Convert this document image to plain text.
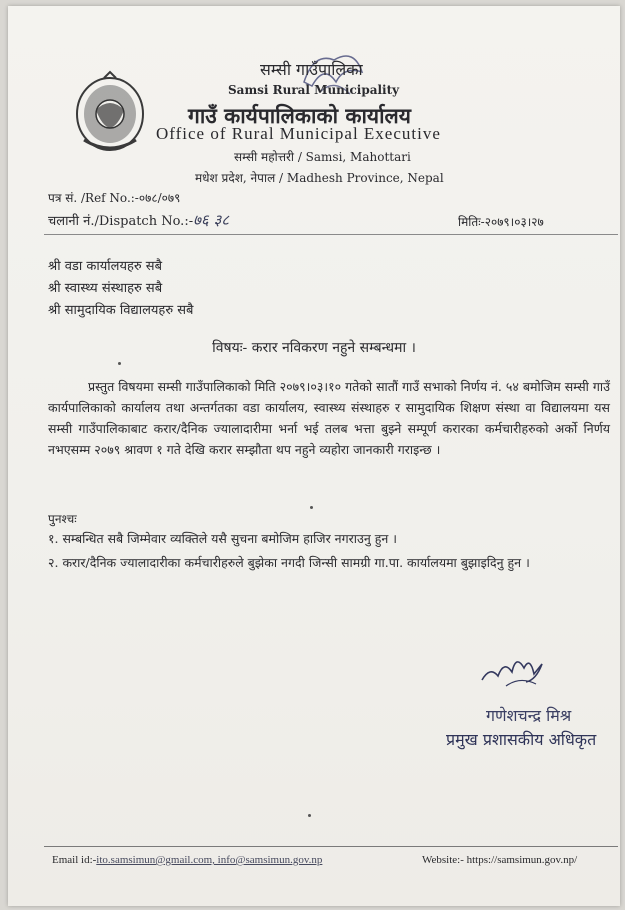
सम्सी गाउँपालिका
Samsi Rural Municipality
गाउँ कार्यपालिकाको कार्यालय
Office of Rural Municipal Executive
सम्सी महोत्तरी / Samsi, Mahottari
मधेश प्रदेश, नेपाल / Madhesh Province, Nepal
पत्र सं. /Ref No.:-०७८/०७९
चलानी नं./Dispatch No.:-७६ ३८	मितिः-२०७९।०३।२७
श्री वडा कार्यालयहरु सबै
श्री स्वास्थ्य संस्थाहरु सबै
श्री सामुदायिक विद्यालयहरु सबै
विषयः- करार नविकरण नहुने सम्बन्धमा ।
प्रस्तुत विषयमा सम्सी गाउँपालिकाको मिति २०७९।०३।१० गतेको सातौं गाउँ सभाको निर्णय नं. ५४ बमोजिम सम्सी गाउँ कार्यपालिकाको कार्यालय तथा अन्तर्गतका वडा कार्यालय, स्वास्थ्य संस्थाहरु र सामुदायिक शिक्षण संस्था वा विद्यालयमा यस सम्सी गाउँपालिकाबाट करार/दैनिक ज्यालादारीमा भर्ना भई तलब भत्ता बुझ्ने सम्पूर्ण करारका कर्मचारीहरुको अर्को निर्णय नभएसम्म २०७९ श्रावण १ गते देखि करार सम्झौता थप नहुने व्यहोरा जानकारी गराइन्छ ।
पुनश्चः
१. सम्बन्धित सबै जिम्मेवार व्यक्तिले यसै सुचना बमोजिम हाजिर नगराउनु हुन ।
२. करार/दैनिक ज्यालादारीका कर्मचारीहरुले बुझेका नगदी जिन्सी सामग्री गा.पा. कार्यालयमा बुझाइदिनु हुन ।
गणेशचन्द्र मिश्र
प्रमुख प्रशासकीय अधिकृत
Email id:-ito.samsimun@gmail.com, info@samsimun.gov.np	Website:- https://samsimun.gov.np/
